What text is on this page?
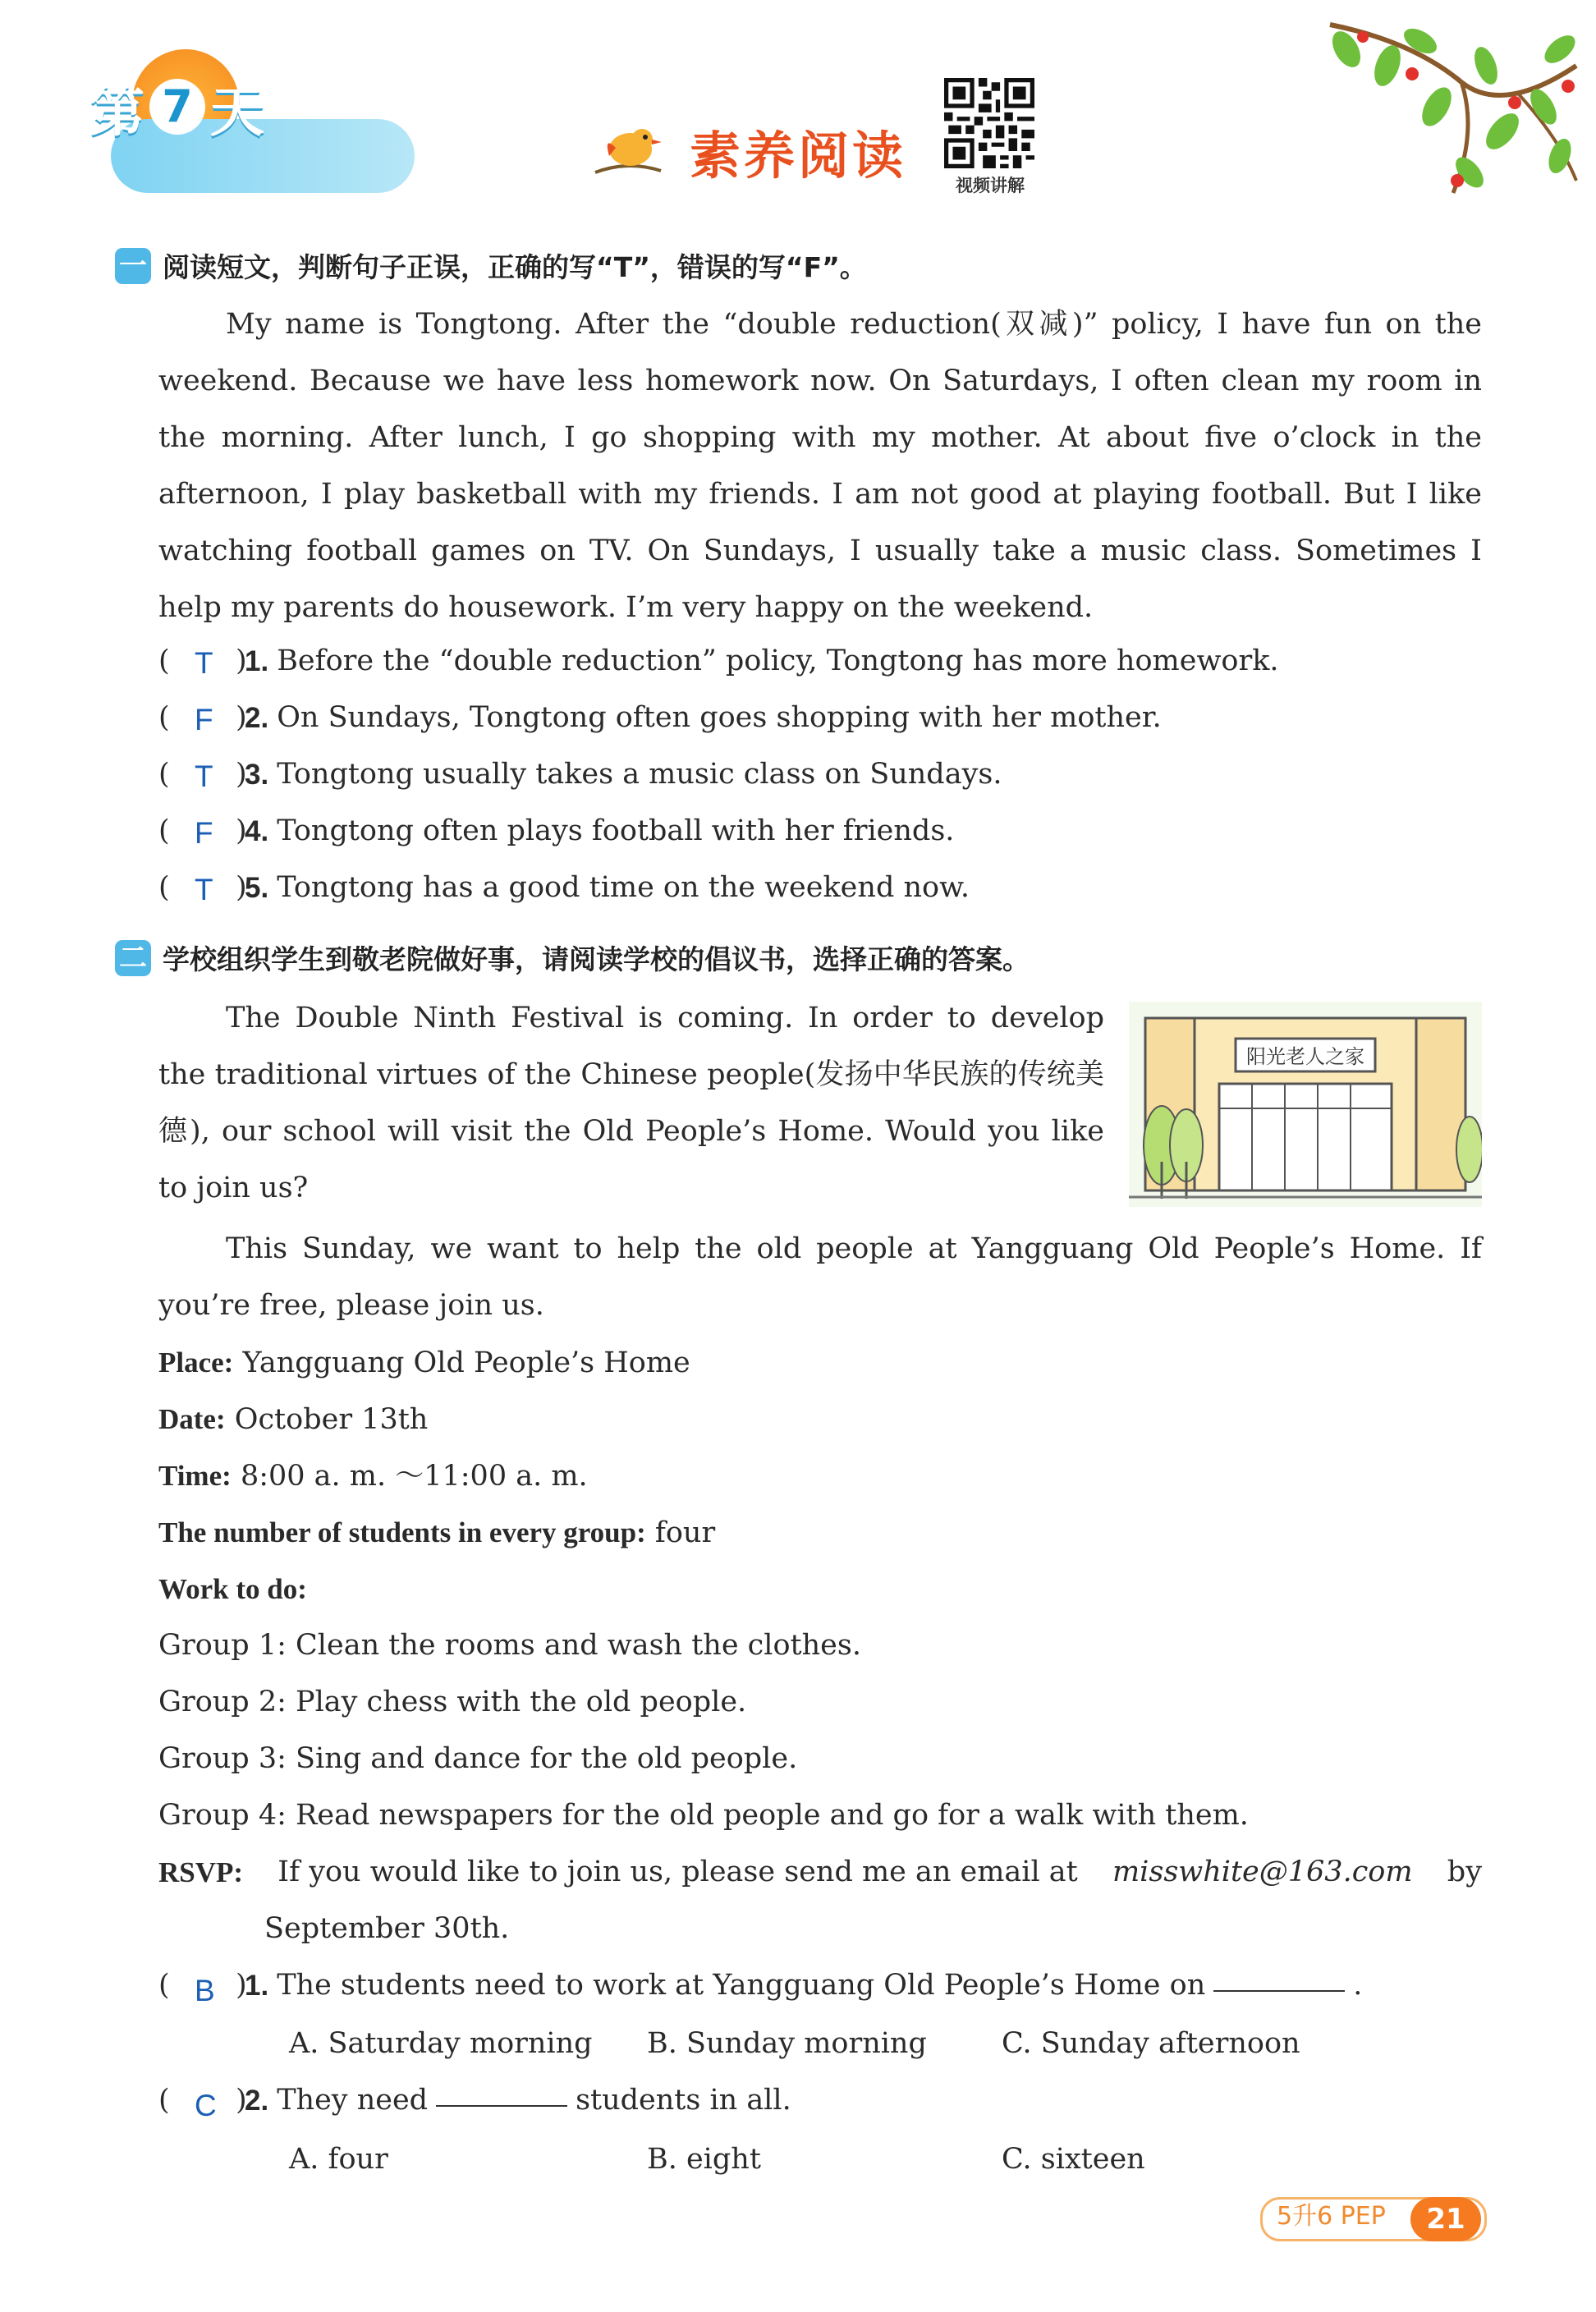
第 7 天
素养阅读	视频讲解
一 阅读短文，判断句子正误，正确的写“T”，错误的写“F”。
My name is Tongtong. After the “double reduction(双减)” policy, I have fun on the weekend. Because we have less homework now. On Saturdays, I often clean my room in the morning. After lunch, I go shopping with my mother. At about five o’clock in the afternoon, I play basketball with my friends. I am not good at playing football. But I like watching football games on TV. On Sundays, I usually take a music class. Sometimes I help my parents do housework. I’m very happy on the weekend.
( T )
1. Before the “double reduction” policy, Tongtong has more homework.
( F )
2. On Sundays, Tongtong often goes shopping with her mother.
( T )
3. Tongtong usually takes a music class on Sundays.
( F )
4. Tongtong often plays football with her friends.
( T )
5. Tongtong has a good time on the weekend now.
二 学校组织学生到敬老院做好事，请阅读学校的倡议书，选择正确的答案。
The Double Ninth Festival is coming. In order to develop the traditional virtues of the Chinese people(发扬中华民族的传统美德), our school will visit the Old People’s Home. Would you like to join us?
阳光老人之家
This Sunday, we want to help the old people at Yangguang Old People’s Home. If you’re free, please join us.
Place: Yangguang Old People’s Home
Date: October 13th
Time: 8:00 a. m. ～11:00 a. m.
The number of students in every group: four
Work to do:
Group 1: Clean the rooms and wash the clothes.
Group 2: Play chess with the old people.
Group 3: Sing and dance for the old people.
Group 4: Read newspapers for the old people and go for a walk with them.
RSVP: If you would like to join us, please send me an email at misswhite@163.com by
September 30th.
( B )
1. The students need to work at Yangguang Old People’s Home on	.
A. Saturday morning B. Sunday morning	C. Sunday afternoon
( C )
2. They need	students in all.
A. four	B. eight	C. sixteen
5升6 PEP	21
